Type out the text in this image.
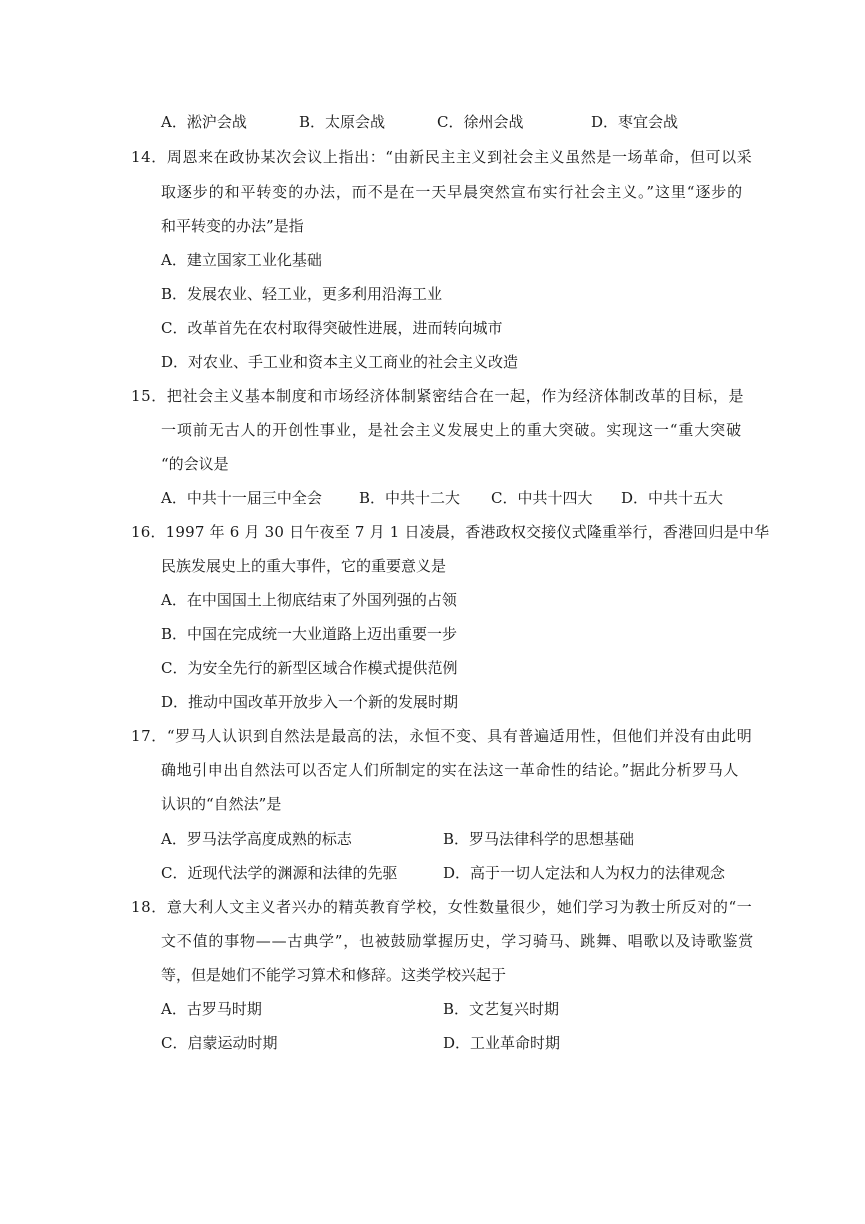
A．淞沪会战	B．太原会战	C．徐州会战	D．枣宜会战
14．周恩来在政协某次会议上指出：“由新民主主义到社会主义虽然是一场革命，但可以采
取逐步的和平转变的办法，而不是在一天早晨突然宣布实行社会主义。”这里“逐步的
和平转变的办法”是指
A．建立国家工业化基础
B．发展农业、轻工业，更多利用沿海工业
C．改革首先在农村取得突破性进展，进而转向城市
D．对农业、手工业和资本主义工商业的社会主义改造
15．把社会主义基本制度和市场经济体制紧密结合在一起，作为经济体制改革的目标，是
一项前无古人的开创性事业，是社会主义发展史上的重大突破。实现这一“重大突破
“的会议是
A．中共十一届三中全会 B．中共十二大 C．中共十四大 D．中共十五大
16．1997 年 6 月 30 日午夜至 7 月 1 日凌晨，香港政权交接仪式隆重举行，香港回归是中华
民族发展史上的重大事件，它的重要意义是
A．在中国国土上彻底结束了外国列强的占领
B．中国在完成统一大业道路上迈出重要一步
C．为安全先行的新型区域合作模式提供范例
D．推动中国改革开放步入一个新的发展时期
17．“罗马人认识到自然法是最高的法，永恒不变、具有普遍适用性，但他们并没有由此明
确地引申出自然法可以否定人们所制定的实在法这一革命性的结论。”据此分析罗马人
认识的“自然法”是
A．罗马法学高度成熟的标志	B．罗马法律科学的思想基础
C．近现代法学的渊源和法律的先驱	D．高于一切人定法和人为权力的法律观念
18．意大利人文主义者兴办的精英教育学校，女性数量很少，她们学习为教士所反对的“一
文不值的事物——古典学”，也被鼓励掌握历史，学习骑马、跳舞、唱歌以及诗歌鉴赏
等，但是她们不能学习算术和修辞。这类学校兴起于
A．古罗马时期	B．文艺复兴时期
C．启蒙运动时期	D．工业革命时期
